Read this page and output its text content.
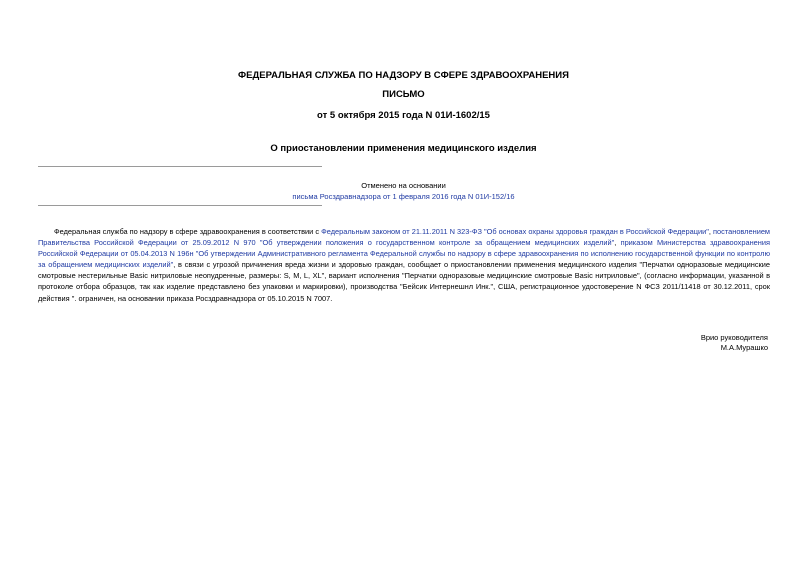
ФЕДЕРАЛЬНАЯ СЛУЖБА ПО НАДЗОРУ В СФЕРЕ ЗДРАВООХРАНЕНИЯ
ПИСЬМО
от 5 октября 2015 года N 01И-1602/15
О приостановлении применения медицинского изделия
Отменено на основании
письма Росздравнадзора от 1 февраля 2016 года N 01И-152/16
Федеральная служба по надзору в сфере здравоохранения в соответствии с Федеральным законом от 21.11.2011 N 323-ФЗ "Об основах охраны здоровья граждан в Российской Федерации", постановлением Правительства Российской Федерации от 25.09.2012 N 970 "Об утверждении положения о государственном контроле за обращением медицинских изделий", приказом Министерства здравоохранения Российской Федерации от 05.04.2013 N 196н "Об утверждении Административного регламента Федеральной службы по надзору в сфере здравоохранения по исполнению государственной функции по контролю за обращением медицинских изделий", в связи с угрозой причинения вреда жизни и здоровью граждан, сообщает о приостановлении применения медицинского изделия "Перчатки одноразовые медицинские смотровые нестерильные Basic нитриловые неопудренные, размеры: S, M, L, XL", вариант исполнения "Перчатки одноразовые медицинские смотровые Basic нитриловые", (согласно информации, указанной в протоколе отбора образцов, так как изделие представлено без упаковки и маркировки), производства "Бейсик Интернешнл Инк.", США, регистрационное удостоверение N ФСЗ 2011/11418 от 30.12.2011, срок действия ". ограничен, на основании приказа Росздравнадзора от 05.10.2015 N 7007.
Врио руководителя
М.А.Мурашко
